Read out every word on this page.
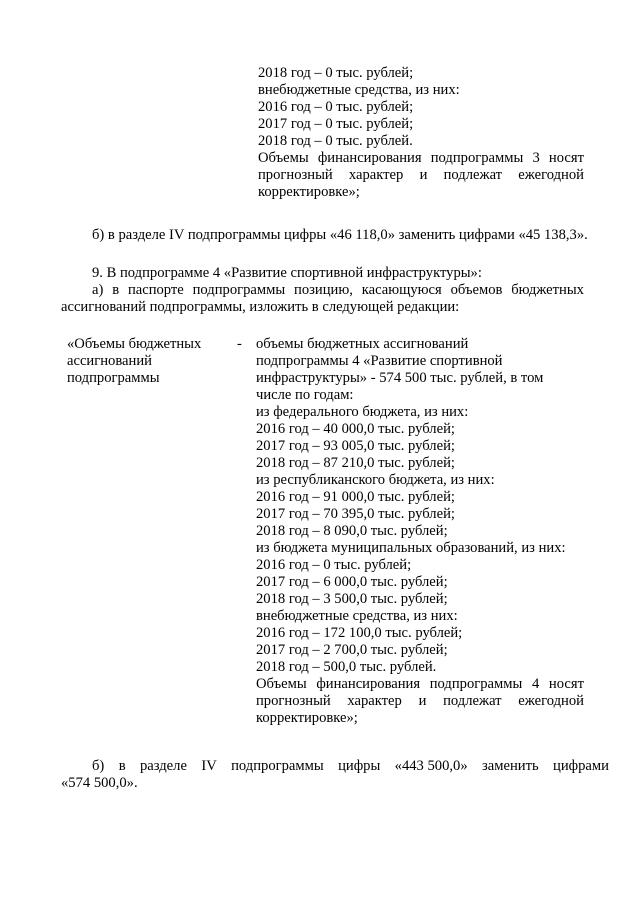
2018 год – 0 тыс. рублей;
внебюджетные средства, из них:
2016 год – 0 тыс. рублей;
2017 год – 0 тыс. рублей;
2018 год – 0 тыс. рублей.
Объемы финансирования подпрограммы 3 носят
прогнозный характер и подлежат ежегодной
корректировке»;
б) в разделе IV подпрограммы цифры «46 118,0» заменить цифрами «45 138,3».
9. В подпрограмме 4 «Развитие спортивной инфраструктуры»:
а) в паспорте подпрограммы позицию, касающуюся объемов бюджетных
ассигнований подпрограммы, изложить в следующей редакции:
«Объемы бюджетных
ассигнований
подпрограммы
- объемы бюджетных ассигнований
подпрограммы 4 «Развитие спортивной
инфраструктуры» - 574 500 тыс. рублей, в том
числе по годам:
из федерального бюджета, из них:
2016 год – 40 000,0 тыс. рублей;
2017 год – 93 005,0 тыс. рублей;
2018 год – 87 210,0 тыс. рублей;
из республиканского бюджета, из них:
2016 год – 91 000,0 тыс. рублей;
2017 год – 70 395,0 тыс. рублей;
2018 год – 8 090,0 тыс. рублей;
из бюджета муниципальных образований, из них:
2016 год – 0 тыс. рублей;
2017 год – 6 000,0 тыс. рублей;
2018 год – 3 500,0 тыс. рублей;
внебюджетные средства, из них:
2016 год – 172 100,0 тыс. рублей;
2017 год – 2 700,0 тыс. рублей;
2018 год – 500,0 тыс. рублей.
Объемы финансирования подпрограммы 4 носят
прогнозный характер и подлежат ежегодной
корректировке»;
б) в разделе IV подпрограммы цифры «443 500,0» заменить цифрами
«574 500,0».
